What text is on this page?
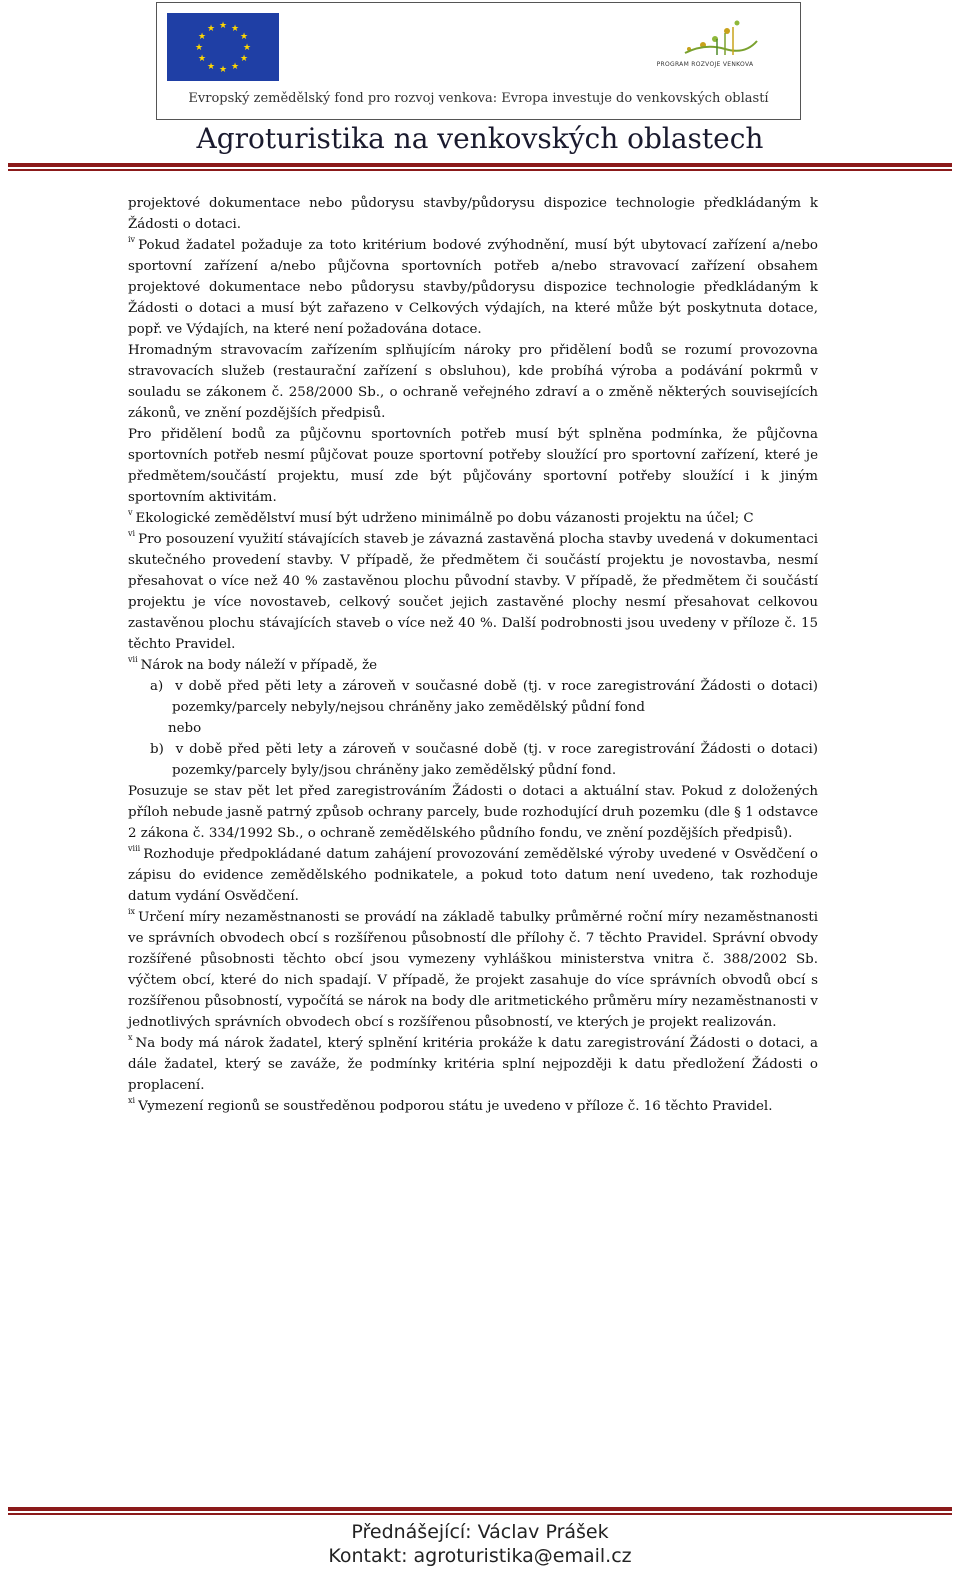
★ ★
★
★
★
★
★
★
★
★
★
★
PROGRAM ROZVOJE VENKOVA
Evropský zemědělský fond pro rozvoj venkova: Evropa investuje do venkovských oblastí
Agroturistika na venkovských oblastech

projektové dokumentace nebo půdorysu stavby/půdorysu dispozice technologie předkládaným k Žádosti o dotaci.

$^{iv}$ Pokud žadatel požaduje za toto kritérium bodové zvýhodnění, musí být ubytovací zařízení a/nebo sportovní zařízení a/nebo půjčovna sportovních potřeb a/nebo stravovací zařízení obsahem projektové dokumentace nebo půdorysu stavby/půdorysu dispozice technologie předkládaným k Žádosti o dotaci a musí být zařazeno v Celkových výdajích, na které může být poskytnuta dotace, popř. ve Výdajích, na které není požadována dotace.

Hromadným stravovacím zařízením splňujícím nároky pro přidělení bodů se rozumí provozovna stravovacích služeb (restaurační zařízení s obsluhou), kde probíhá výroba a podávání pokrmů v souladu se zákonem č. 258/2000 Sb., o ochraně veřejného zdraví a o změně některých souvisejících zákonů, ve znění pozdějších předpisů.

Pro přidělení bodů za půjčovnu sportovních potřeb musí být splněna podmínka, že půjčovna sportovních potřeb nesmí půjčovat pouze sportovní potřeby sloužící pro sportovní zařízení, které je předmětem/součástí projektu, musí zde být půjčovány sportovní potřeby sloužící i k jiným sportovním aktivitám.

$^v$ Ekologické zemědělství musí být udrženo minimálně po dobu vázanosti projektu na účel; C

$^{vi}$ Pro posouzení využití stávajících staveb je závazná zastavěná plocha stavby uvedená v dokumentaci skutečného provedení stavby. V případě, že předmětem či součástí projektu je novostavba, nesmí přesahovat o více než 40 % zastavěnou plochu původní stavby. V případě, že předmětem či součástí projektu je více novostaveb, celkový součet jejich zastavěné plochy nesmí přesahovat celkovou zastavěnou plochu stávajících staveb o více než 40 %. Další podrobnosti jsou uvedeny v příloze č. 15 těchto Pravidel.

$^{vii}$ Nárok na body náleží v případě, že

a) v době před pěti lety a zároveň v současné době (tj. v roce zaregistrování Žádosti o dotaci) pozemky/parcely nebyly/nejsou chráněny jako zemědělský půdní fond

nebo

b) v době před pěti lety a zároveň v současné době (tj. v roce zaregistrování Žádosti o dotaci) pozemky/parcely byly/jsou chráněny jako zemědělský půdní fond.

Posuzuje se stav pět let před zaregistrováním Žádosti o dotaci a aktuální stav. Pokud z doložených příloh nebude jasně patrný způsob ochrany parcely, bude rozhodující druh pozemku (dle § 1 odstavce 2 zákona č. 334/1992 Sb., o ochraně zemědělského půdního fondu, ve znění pozdějších předpisů).

$^{viii}$ Rozhoduje předpokládané datum zahájení provozování zemědělské výroby uvedené v Osvědčení o zápisu do evidence zemědělského podnikatele, a pokud toto datum není uvedeno, tak rozhoduje datum vydání Osvědčení.

$^{ix}$ Určení míry nezaměstnanosti se provádí na základě tabulky průměrné roční míry nezaměstnanosti ve správních obvodech obcí s rozšířenou působností dle přílohy č. 7 těchto Pravidel. Správní obvody rozšířené působnosti těchto obcí jsou vymezeny vyhláškou ministerstva vnitra č. 388/2002 Sb. výčtem obcí, které do nich spadají. V případě, že projekt zasahuje do více správních obvodů obcí s rozšířenou působností, vypočítá se nárok na body dle aritmetického průměru míry nezaměstnanosti v jednotlivých správních obvodech obcí s rozšířenou působností, ve kterých je projekt realizován.

$^x$ Na body má nárok žadatel, který splnění kritéria prokáže k datu zaregistrování Žádosti o dotaci, a dále žadatel, který se zaváže, že podmínky kritéria splní nejpozději k datu předložení Žádosti o proplacení.

$^{xi}$ Vymezení regionů se soustředěnou podporou státu je uvedeno v příloze č. 16 těchto Pravidel.

Přednášející: Václav Prášek
Kontakt: agroturistika@email.cz
